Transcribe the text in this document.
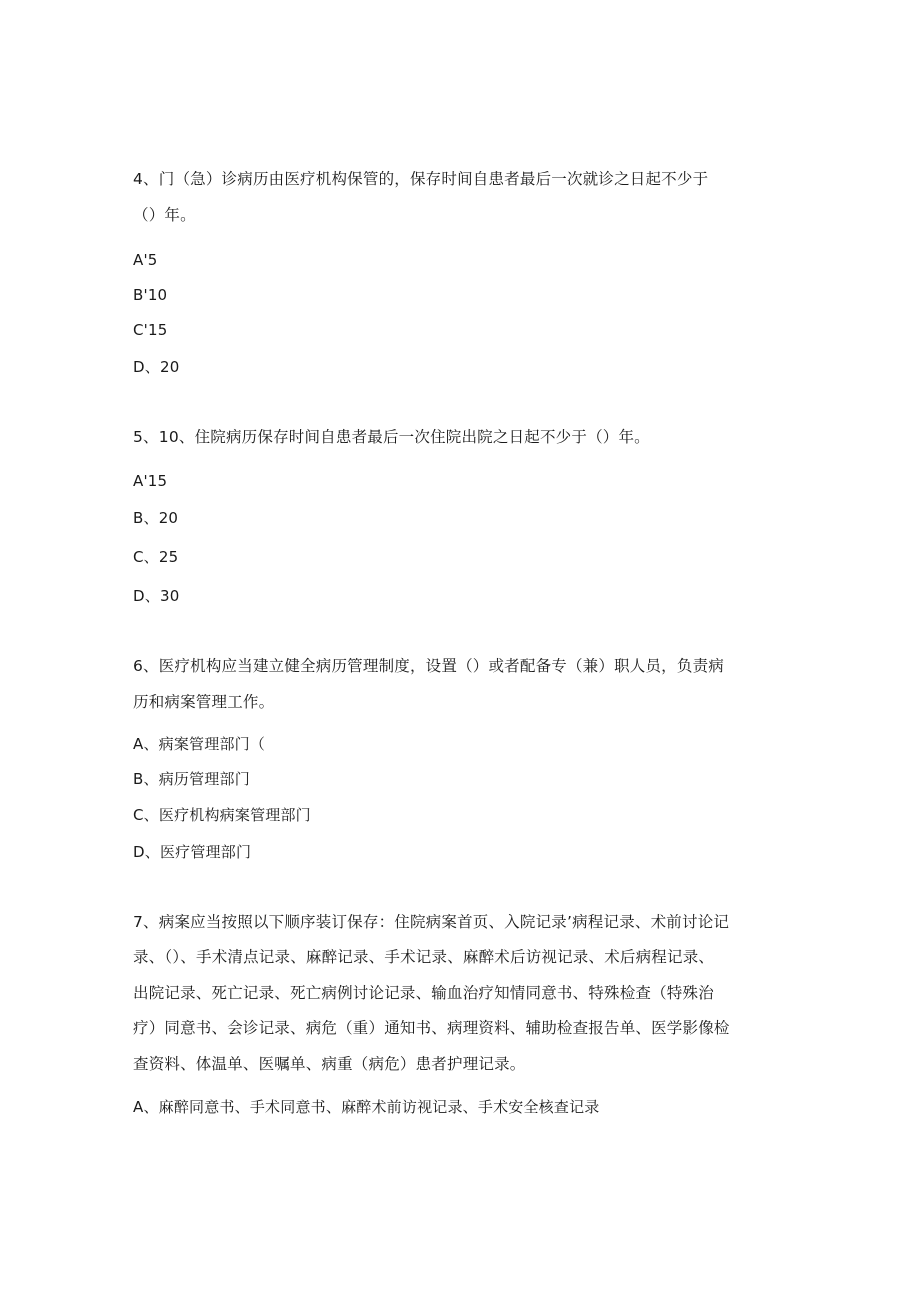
4、门（急）诊病历由医疗机构保管的，保存时间自患者最后一次就诊之日起不少于
（）年。
A'5
B'10
C'15
D、20
5、10、住院病历保存时间自患者最后一次住院出院之日起不少于（）年。
A'15
B、20
C、25
D、30
6、医疗机构应当建立健全病历管理制度，设置（）或者配备专（兼）职人员，负责病
历和病案管理工作。
A、病案管理部门（
B、病历管理部门
C、医疗机构病案管理部门
D、医疗管理部门
7、病案应当按照以下顺序装订保存：住院病案首页、入院记录’病程记录、术前讨论记
录、（）、手术清点记录、麻醉记录、手术记录、麻醉术后访视记录、术后病程记录、
出院记录、死亡记录、死亡病例讨论记录、输血治疗知情同意书、特殊检查（特殊治
疗）同意书、会诊记录、病危（重）通知书、病理资料、辅助检查报告单、医学影像检
查资料、体温单、医嘱单、病重（病危）患者护理记录。
A、麻醉同意书、手术同意书、麻醉术前访视记录、手术安全核查记录
